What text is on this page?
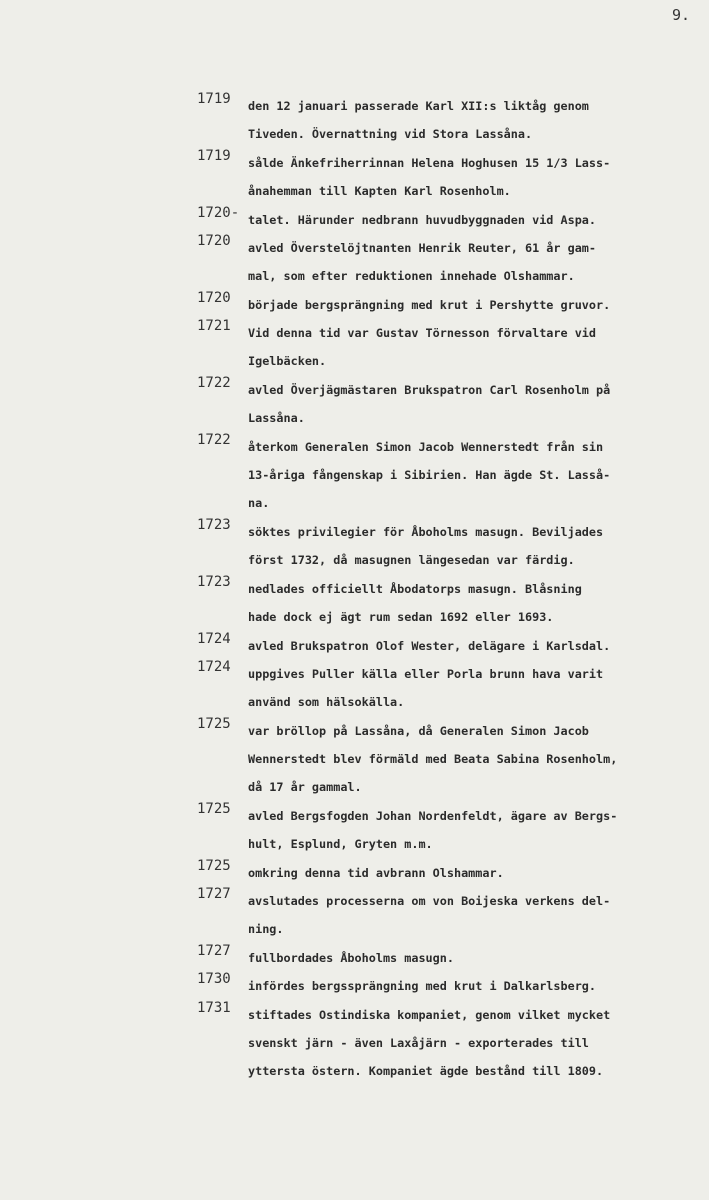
9.
1719 den 12 januari passerade Karl XII:s liktåg genom
Tiveden. Övernattning vid Stora Lassåna.
1719 sålde Änkefriherrinnan Helena Hoghusen 15 1/3 Lass-
ånahemman till Kapten Karl Rosenholm.
1720- talet. Härunder nedbrann huvudbyggnaden vid Aspa.
1720 avled Överstelöjtnanten Henrik Reuter, 61 år gam-
mal, som efter reduktionen innehade Olshammar.
1720 började bergsprängning med krut i Pershytte gruvor.
1721 Vid denna tid var Gustav Törnesson förvaltare vid
Igelbäcken.
1722 avled Överjägmästaren Brukspatron Carl Rosenholm på
Lassåna.
1722 återkom Generalen Simon Jacob Wennerstedt från sin
13-åriga fångenskap i Sibirien. Han ägde St. Lasså-
na.
1723 söktes privilegier för Åboholms masugn. Beviljades
först 1732, då masugnen längesedan var färdig.
1723 nedlades officiellt Åbodatorps masugn. Blåsning
hade dock ej ägt rum sedan 1692 eller 1693.
1724 avled Brukspatron Olof Wester, delägare i Karlsdal.
1724 uppgives Puller källa eller Porla brunn hava varit
använd som hälsokälla.
1725 var bröllop på Lassåna, då Generalen Simon Jacob
Wennerstedt blev förmäld med Beata Sabina Rosenholm,
då 17 år gammal.
1725 avled Bergsfogden Johan Nordenfeldt, ägare av Bergs-
hult, Esplund, Gryten m.m.
1725 omkring denna tid avbrann Olshammar.
1727 avslutades processerna om von Boijeska verkens del-
ning.
1727 fullbordades Åboholms masugn.
1730 infördes bergssprängning med krut i Dalkarlsberg.
1731 stiftades Ostindiska kompaniet, genom vilket mycket
svenskt järn - även Laxåjärn - exporterades till
yttersta östern. Kompaniet ägde bestånd till 1809.
